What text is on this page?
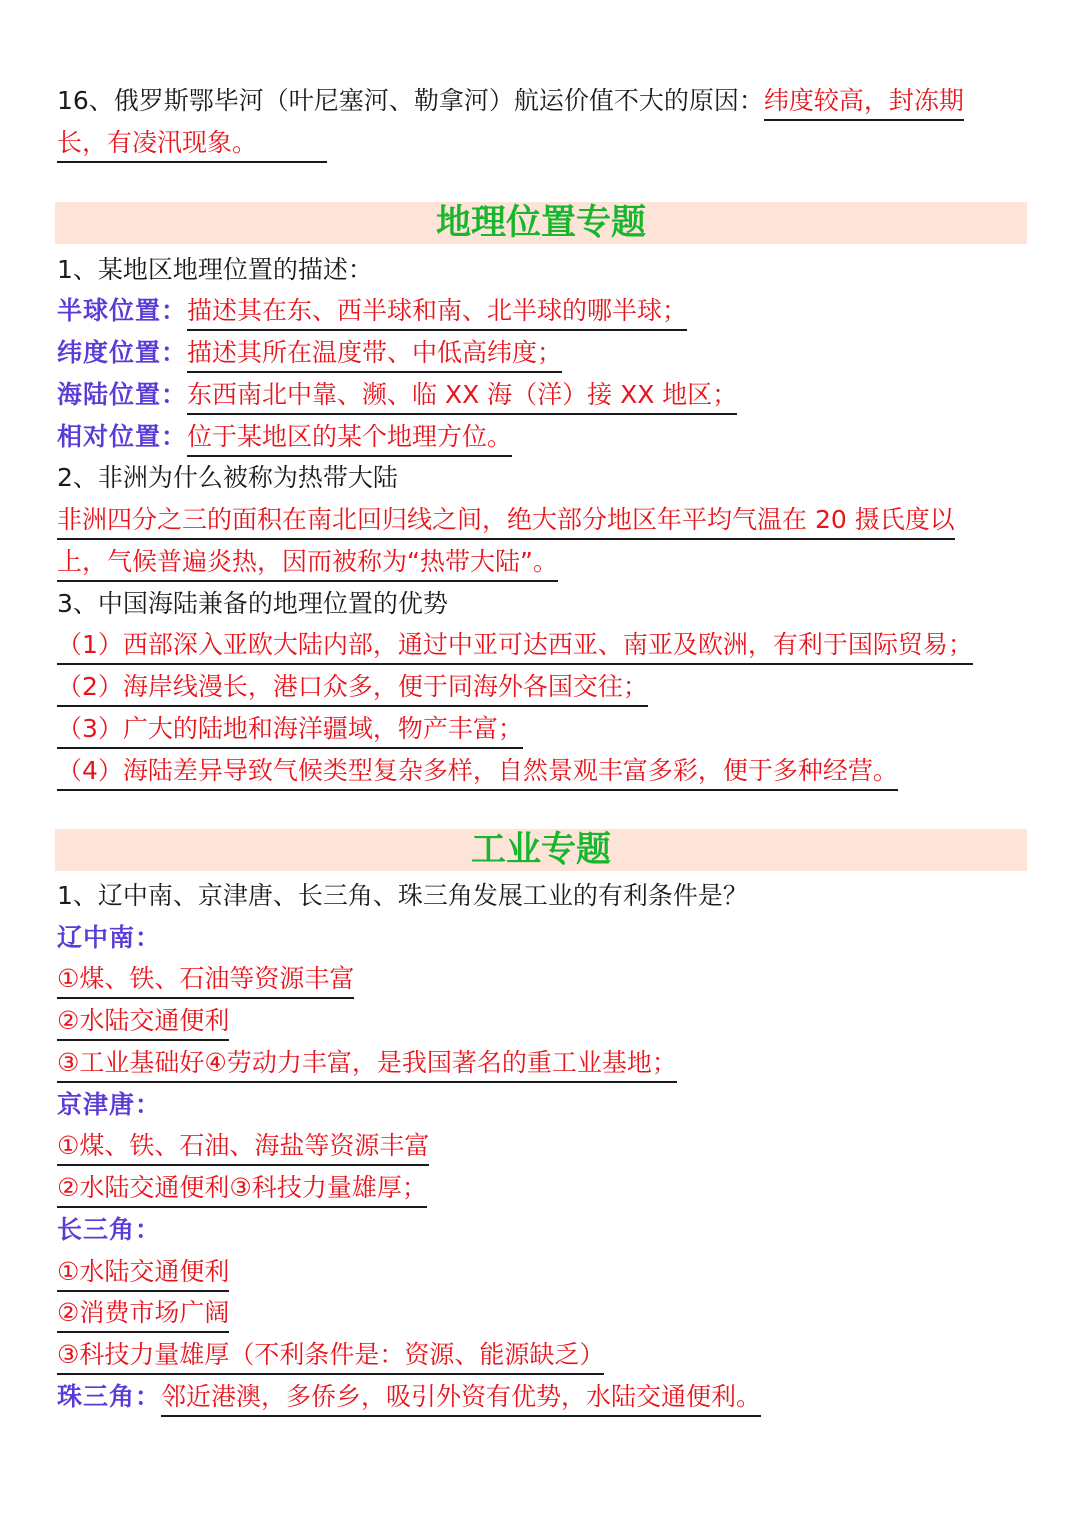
16、俄罗斯鄂毕河（叶尼塞河、勒拿河）航运价值不大的原因：纬度较高，封冻期
长，有凌汛现象。
地理位置专题
1、某地区地理位置的描述：
半球位置：描述其在东、西半球和南、北半球的哪半球；
纬度位置：描述其所在温度带、中低高纬度；
海陆位置：东西南北中靠、濒、临 XX 海（洋）接 XX 地区；
相对位置：位于某地区的某个地理方位。
2、非洲为什么被称为热带大陆
非洲四分之三的面积在南北回归线之间，绝大部分地区年平均气温在 20 摄氏度以
上，气候普遍炎热，因而被称为“热带大陆”。
3、中国海陆兼备的地理位置的优势
（1）西部深入亚欧大陆内部，通过中亚可达西亚、南亚及欧洲，有利于国际贸易；
（2）海岸线漫长，港口众多，便于同海外各国交往；
（3）广大的陆地和海洋疆域，物产丰富；
（4）海陆差异导致气候类型复杂多样，自然景观丰富多彩，便于多种经营。
工业专题
1、辽中南、京津唐、长三角、珠三角发展工业的有利条件是？
辽中南：
①煤、铁、石油等资源丰富
②水陆交通便利
③工业基础好④劳动力丰富，是我国著名的重工业基地；
京津唐：
①煤、铁、石油、海盐等资源丰富
②水陆交通便利③科技力量雄厚；
长三角：
①水陆交通便利
②消费市场广阔
③科技力量雄厚（不利条件是：资源、能源缺乏）
珠三角：邻近港澳，多侨乡，吸引外资有优势，水陆交通便利。
